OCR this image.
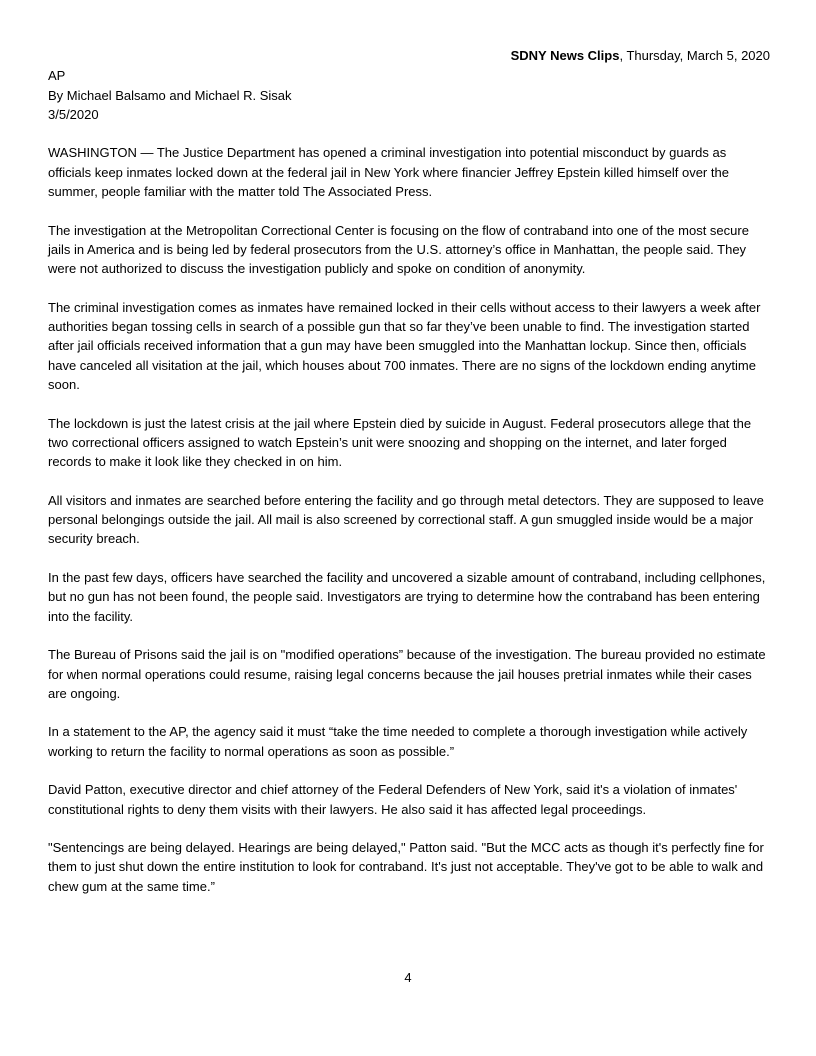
SDNY News Clips, Thursday, March 5, 2020

AP

By Michael Balsamo and Michael R. Sisak

3/5/2020

WASHINGTON — The Justice Department has opened a criminal investigation into potential misconduct by guards as officials keep inmates locked down at the federal jail in New York where financier Jeffrey Epstein killed himself over the summer, people familiar with the matter told The Associated Press.

The investigation at the Metropolitan Correctional Center is focusing on the flow of contraband into one of the most secure jails in America and is being led by federal prosecutors from the U.S. attorney’s office in Manhattan, the people said. They were not authorized to discuss the investigation publicly and spoke on condition of anonymity.

The criminal investigation comes as inmates have remained locked in their cells without access to their lawyers a week after authorities began tossing cells in search of a possible gun that so far they’ve been unable to find. The investigation started after jail officials received information that a gun may have been smuggled into the Manhattan lockup. Since then, officials have canceled all visitation at the jail, which houses about 700 inmates. There are no signs of the lockdown ending anytime soon.

The lockdown is just the latest crisis at the jail where Epstein died by suicide in August. Federal prosecutors allege that the two correctional officers assigned to watch Epstein’s unit were snoozing and shopping on the internet, and later forged records to make it look like they checked in on him.

All visitors and inmates are searched before entering the facility and go through metal detectors. They are supposed to leave personal belongings outside the jail. All mail is also screened by correctional staff. A gun smuggled inside would be a major security breach.

In the past few days, officers have searched the facility and uncovered a sizable amount of contraband, including cellphones, but no gun has not been found, the people said. Investigators are trying to determine how the contraband has been entering into the facility.

The Bureau of Prisons said the jail is on "modified operations” because of the investigation. The bureau provided no estimate for when normal operations could resume, raising legal concerns because the jail houses pretrial inmates while their cases are ongoing.

In a statement to the AP, the agency said it must “take the time needed to complete a thorough investigation while actively working to return the facility to normal operations as soon as possible.”

David Patton, executive director and chief attorney of the Federal Defenders of New York, said it's a violation of inmates' constitutional rights to deny them visits with their lawyers. He also said it has affected legal proceedings.

"Sentencings are being delayed. Hearings are being delayed," Patton said. "But the MCC acts as though it's perfectly fine for them to just shut down the entire institution to look for contraband. It's just not acceptable. They've got to be able to walk and chew gum at the same time.”

4
